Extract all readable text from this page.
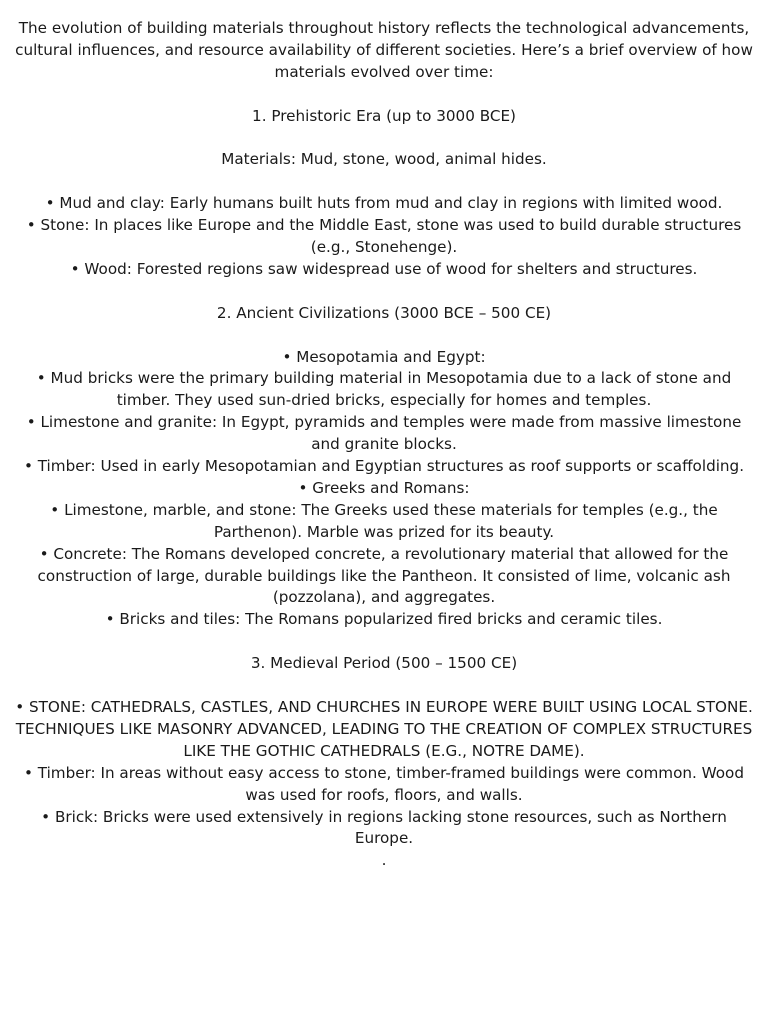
The evolution of building materials throughout history reflects the technological advancements, cultural influences, and resource availability of different societies. Here’s a brief overview of how materials evolved over time:

1. Prehistoric Era (up to 3000 BCE)

Materials: Mud, stone, wood, animal hides.

• Mud and clay: Early humans built huts from mud and clay in regions with limited wood.

• Stone: In places like Europe and the Middle East, stone was used to build durable structures (e.g., Stonehenge).

• Wood: Forested regions saw widespread use of wood for shelters and structures.

2. Ancient Civilizations (3000 BCE – 500 CE)

• Mesopotamia and Egypt:

• Mud bricks were the primary building material in Mesopotamia due to a lack of stone and timber. They used sun-dried bricks, especially for homes and temples.

• Limestone and granite: In Egypt, pyramids and temples were made from massive limestone and granite blocks.

• Timber: Used in early Mesopotamian and Egyptian structures as roof supports or scaffolding.

• Greeks and Romans:

• Limestone, marble, and stone: The Greeks used these materials for temples (e.g., the Parthenon). Marble was prized for its beauty.

• Concrete: The Romans developed concrete, a revolutionary material that allowed for the construction of large, durable buildings like the Pantheon. It consisted of lime, volcanic ash (pozzolana), and aggregates.

• Bricks and tiles: The Romans popularized fired bricks and ceramic tiles.

3. Medieval Period (500 – 1500 CE)

• STONE: CATHEDRALS, CASTLES, AND CHURCHES IN EUROPE WERE BUILT USING LOCAL STONE. TECHNIQUES LIKE MASONRY ADVANCED, LEADING TO THE CREATION OF COMPLEX STRUCTURES LIKE THE GOTHIC CATHEDRALS (E.G., NOTRE DAME).

• Timber: In areas without easy access to stone, timber-framed buildings were common. Wood was used for roofs, floors, and walls.

• Brick: Bricks were used extensively in regions lacking stone resources, such as Northern Europe.

.
